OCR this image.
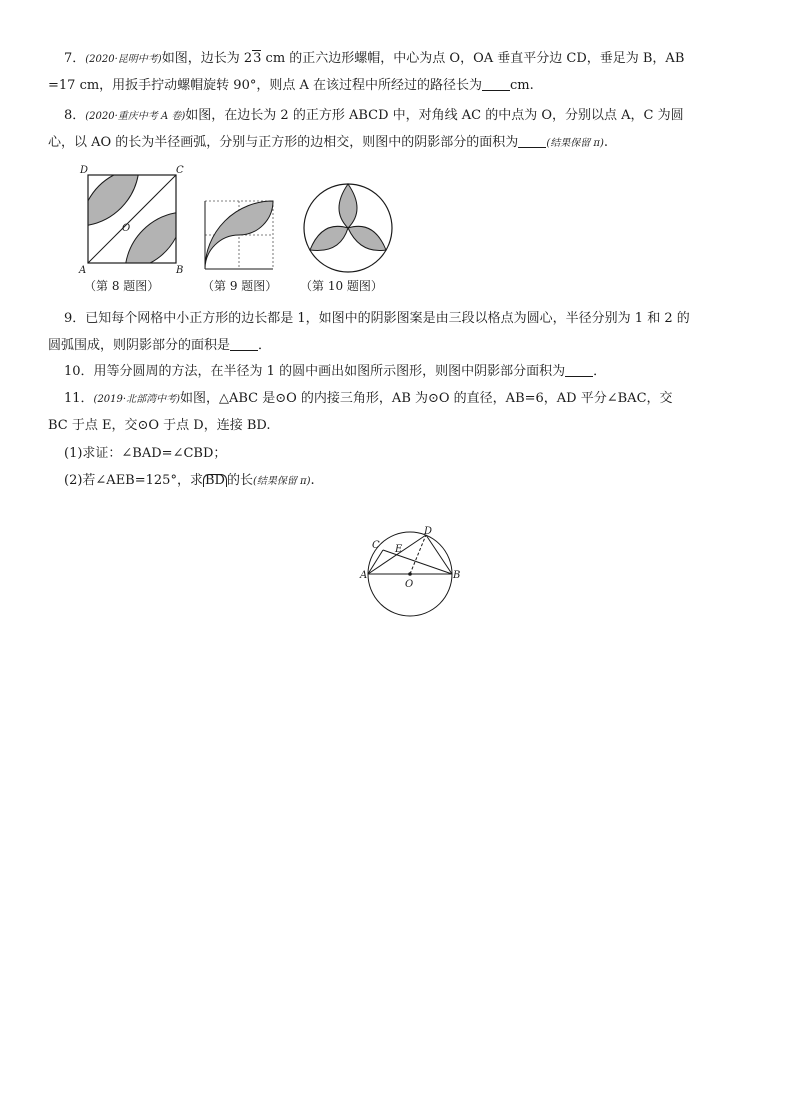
7．(2020·昆明中考)如图，边长为 23 cm 的正六边形螺帽，中心为点 O，OA 垂直平分边 CD，垂足为 B，AB
=17 cm，用扳手拧动螺帽旋转 90°，则点 A 在该过程中所经过的路径长为 cm.
8．(2020·重庆中考 A 卷)如图，在边长为 2 的正方形 ABCD 中，对角线 AC 的中点为 O，分别以点 A，C 为圆
心，以 AO 的长为半径画弧，分别与正方形的边相交，则图中的阴影部分的面积为	(结果保留 π).
D	C
A	B
O
（第 8 题图）	（第 9 题图） （第 10 题图）
9．已知每个网格中小正方形的边长都是 1，如图中的阴影图案是由三段以格点为圆心，半径分别为 1 和 2 的
圆弧围成，则阴影部分的面积是 ．
10．用等分圆周的方法，在半径为 1 的圆中画出如图所示图形，则图中阴影部分面积为 ．
11．(2019·北部湾中考)如图，△ABC 是⊙O 的内接三角形，AB 为⊙O 的直径，AB=6，AD 平分∠BAC，交
BC 于点 E，交⊙O 于点 D，连接 BD.
(1)求证：∠BAD=∠CBD；
(2)若∠AEB=125°，求 BD 的长(结果保留 π).
C E
D
A	B
O
